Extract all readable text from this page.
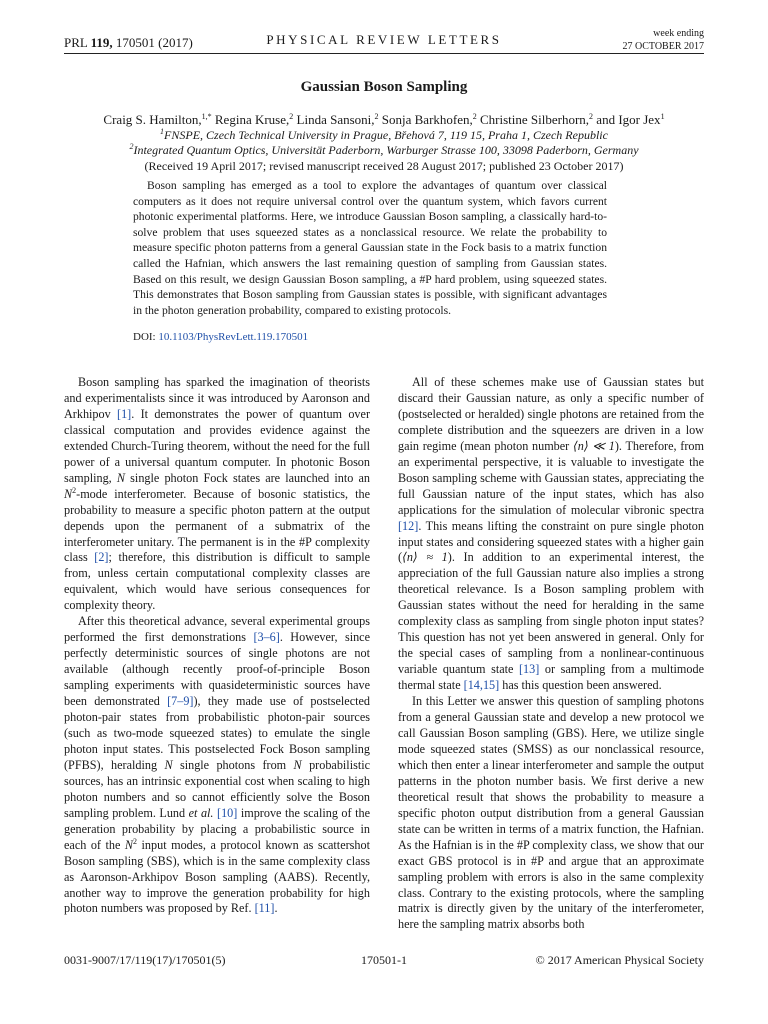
PRL 119, 170501 (2017)	PHYSICAL REVIEW LETTERS	week ending
27 OCTOBER 2017
Gaussian Boson Sampling
Craig S. Hamilton,$^{1,*}$ Regina Kruse,$^2$ Linda Sansoni,$^2$ Sonja Barkhofen,$^2$ Christine Silberhorn,$^2$ and Igor Jex$^1$
$^1$FNSPE, Czech Technical University in Prague, Břehová 7, 119 15, Praha 1, Czech Republic
$^2$Integrated Quantum Optics, Universität Paderborn, Warburger Strasse 100, 33098 Paderborn, Germany
(Received 19 April 2017; revised manuscript received 28 August 2017; published 23 October 2017)

Boson sampling has emerged as a tool to explore the advantages of quantum over classical computers as it does not require universal control over the quantum system, which favors current photonic experimental platforms. Here, we introduce Gaussian Boson sampling, a classically hard-to-solve problem that uses squeezed states as a nonclassical resource. We relate the probability to measure specific photon patterns from a general Gaussian state in the Fock basis to a matrix function called the Hafnian, which answers the last remaining question of sampling from Gaussian states. Based on this result, we design Gaussian Boson sampling, a #P hard problem, using squeezed states. This demonstrates that Boson sampling from Gaussian states is possible, with significant advantages in the photon generation probability, compared to existing protocols.

DOI: 10.1103/PhysRevLett.119.170501

Boson sampling has sparked the imagination of theorists and experimentalists since it was introduced by Aaronson and Arkhipov [1]. It demonstrates the power of quantum over classical computation and provides evidence against the extended Church-Turing theorem, without the need for the full power of a universal quantum computer. In photonic Boson sampling, N single photon Fock states are launched into an $N^2$-mode interferometer. Because of bosonic statistics, the probability to measure a specific photon pattern at the output depends upon the permanent of a submatrix of the interferometer unitary. The permanent is in the #P complexity class [2]; therefore, this distribution is difficult to sample from, unless certain computational complexity classes are equivalent, which would have serious consequences for complexity theory.

After this theoretical advance, several experimental groups performed the first demonstrations [3–6]. However, since perfectly deterministic sources of single photons are not available (although recently proof-of-principle Boson sampling experiments with quasideterministic sources have been demonstrated [7–9]), they made use of postselected photon-pair states from probabilistic photon-pair sources (such as two-mode squeezed states) to emulate the single photon input states. This postselected Fock Boson sampling (PFBS), heralding N single photons from N probabilistic sources, has an intrinsic exponential cost when scaling to high photon numbers and so cannot efficiently solve the Boson sampling problem. Lund et al. [10] improve the scaling of the generation probability by placing a probabilistic source in each of the $N^2$ input modes, a protocol known as scattershot Boson sampling (SBS), which is in the same complexity class as Aaronson-Arkhipov Boson sampling (AABS). Recently, another way to improve the generation probability for high photon numbers was proposed by Ref. [11].

All of these schemes make use of Gaussian states but discard their Gaussian nature, as only a specific number of (postselected or heralded) single photons are retained from the complete distribution and the squeezers are driven in a low gain regime (mean photon number ⟨n⟩ ≪ 1). Therefore, from an experimental perspective, it is valuable to investigate the Boson sampling scheme with Gaussian states, appreciating the full Gaussian nature of the input states, which has also applications for the simulation of molecular vibronic spectra [12]. This means lifting the constraint on pure single photon input states and considering squeezed states with a higher gain (⟨n⟩ ≈ 1). In addition to an experimental interest, the appreciation of the full Gaussian nature also implies a strong theoretical relevance. Is a Boson sampling problem with Gaussian states without the need for heralding in the same complexity class as sampling from single photon input states? This question has not yet been answered in general. Only for the special cases of sampling from a nonlinear-continuous variable quantum state [13] or sampling from a multimode thermal state [14,15] has this question been answered.

In this Letter we answer this question of sampling photons from a general Gaussian state and develop a new protocol we call Gaussian Boson sampling (GBS). Here, we utilize single mode squeezed states (SMSS) as our nonclassical resource, which then enter a linear interferometer and sample the output patterns in the photon number basis. We first derive a new theoretical result that shows the probability to measure a specific photon output distribution from a general Gaussian state can be written in terms of a matrix function, the Hafnian. As the Hafnian is in the #P complexity class, we show that our exact GBS protocol is in #P and argue that an approximate sampling problem with errors is also in the same complexity class. Contrary to the existing protocols, where the sampling matrix is directly given by the unitary of the interferometer, here the sampling matrix absorbs both

0031-9007/17/119(17)/170501(5)	170501-1	© 2017 American Physical Society
